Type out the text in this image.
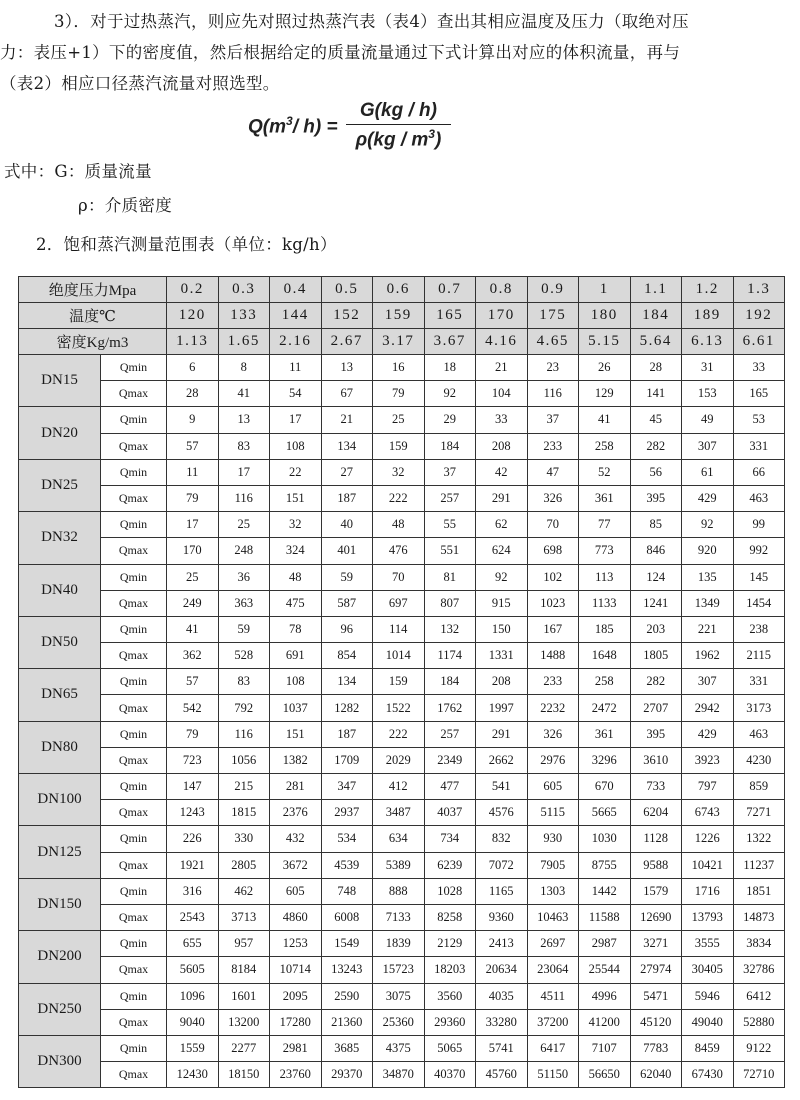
3）．对于过热蒸汽，则应先对照过热蒸汽表（表4）查出其相应温度及压力（取绝对压
力：表压+1）下的密度值，然后根据给定的质量流量通过下式计算出对应的体积流量，再与
（表2）相应口径蒸汽流量对照选型。
$Q(m^3/$ $h) = \frac{G(kg / h)}{\rho(kg / m^3)}$
式中：G：质量流量
ρ：介质密度
2．饱和蒸汽测量范围表（单位：kg/h）
绝度压力Mpa		0.2	0.3	0.4	0.5	0.6	0.7	0.8	0.9	1	1.1	1.2	1.3
温度℃		120	133	144	152	159	165	170	175	180	184	189	192
密度Kg/m3		1.13	1.65	2.16	2.67	3.17	3.67	4.16	4.65	5.15	5.64	6.13	6.61
DN15	Qmin	6	8	11	13	16	18	21	23	26	28	31	33
	Qmax	28	41	54	67	79	92	104	116	129	141	153	165
DN20	Qmin	9	13	17	21	25	29	33	37	41	45	49	53
	Qmax	57	83	108	134	159	184	208	233	258	282	307	331
DN25	Qmin	11	17	22	27	32	37	42	47	52	56	61	66
	Qmax	79	116	151	187	222	257	291	326	361	395	429	463
DN32	Qmin	17	25	32	40	48	55	62	70	77	85	92	99
	Qmax	170	248	324	401	476	551	624	698	773	846	920	992
DN40	Qmin	25	36	48	59	70	81	92	102	113	124	135	145
	Qmax	249	363	475	587	697	807	915	1023	1133	1241	1349	1454
DN50	Qmin	41	59	78	96	114	132	150	167	185	203	221	238
	Qmax	362	528	691	854	1014	1174	1331	1488	1648	1805	1962	2115
DN65	Qmin	57	83	108	134	159	184	208	233	258	282	307	331
	Qmax	542	792	1037	1282	1522	1762	1997	2232	2472	2707	2942	3173
DN80	Qmin	79	116	151	187	222	257	291	326	361	395	429	463
	Qmax	723	1056	1382	1709	2029	2349	2662	2976	3296	3610	3923	4230
DN100	Qmin	147	215	281	347	412	477	541	605	670	733	797	859
	Qmax	1243	1815	2376	2937	3487	4037	4576	5115	5665	6204	6743	7271
DN125	Qmin	226	330	432	534	634	734	832	930	1030	1128	1226	1322
	Qmax	1921	2805	3672	4539	5389	6239	7072	7905	8755	9588	10421	11237
DN150	Qmin	316	462	605	748	888	1028	1165	1303	1442	1579	1716	1851
	Qmax	2543	3713	4860	6008	7133	8258	9360	10463	11588	12690	13793	14873
DN200	Qmin	655	957	1253	1549	1839	2129	2413	2697	2987	3271	3555	3834
	Qmax	5605	8184	10714	13243	15723	18203	20634	23064	25544	27974	30405	32786
DN250	Qmin	1096	1601	2095	2590	3075	3560	4035	4511	4996	5471	5946	6412
	Qmax	9040	13200	17280	21360	25360	29360	33280	37200	41200	45120	49040	52880
DN300	Qmin	1559	2277	2981	3685	4375	5065	5741	6417	7107	7783	8459	9122
	Qmax	12430	18150	23760	29370	34870	40370	45760	51150	56650	62040	67430	72710
